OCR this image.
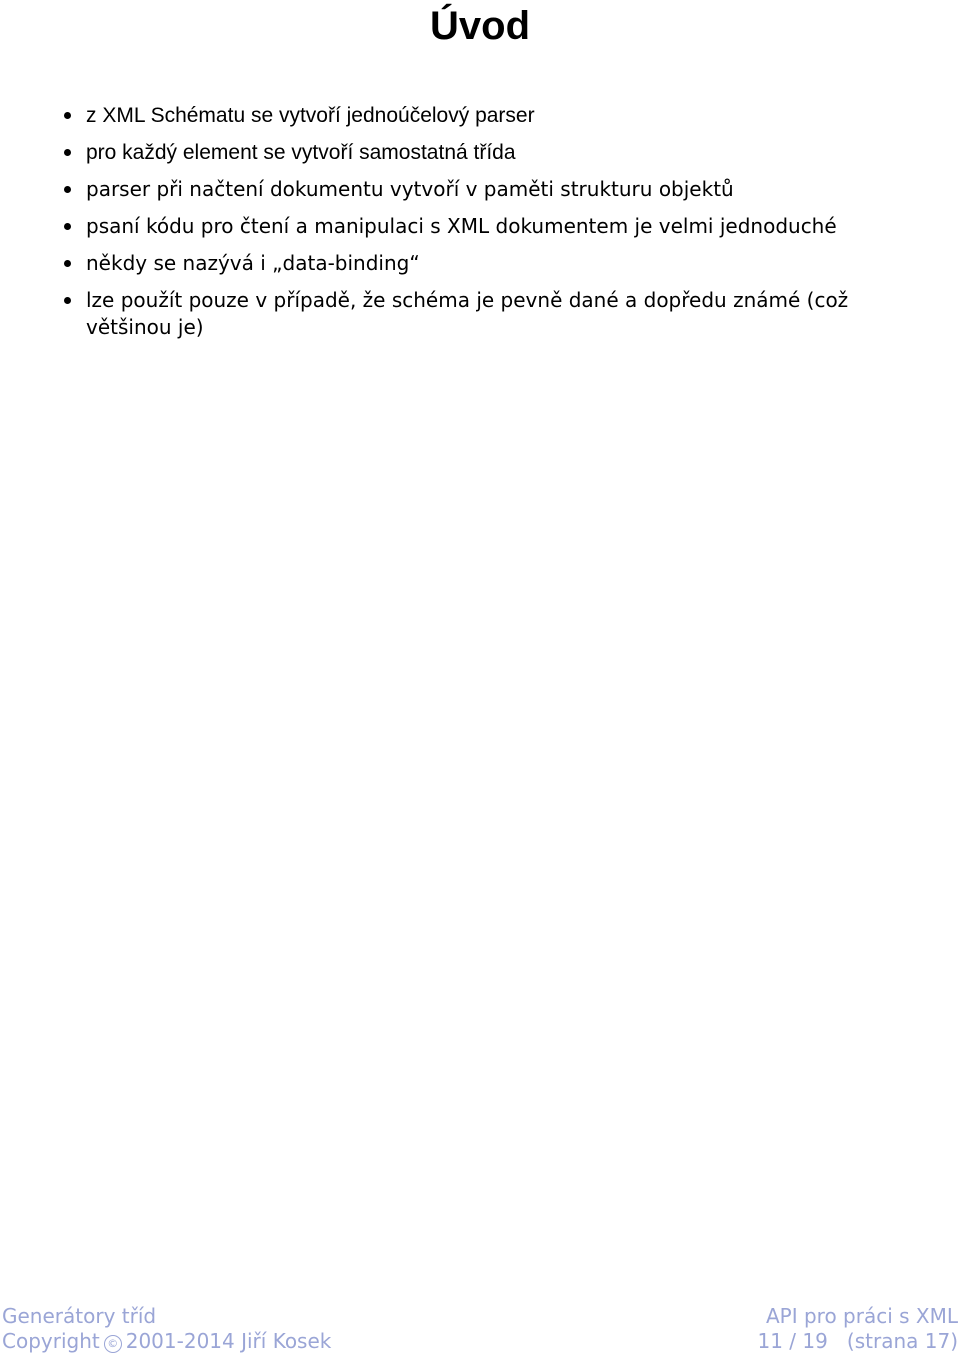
Úvod
z XML Schématu se vytvoří jednoúčelový parser
pro každý element se vytvoří samostatná třída
parser při načtení dokumentu vytvoří v paměti strukturu objektů
psaní kódu pro čtení a manipulaci s XML dokumentem je velmi jednoduché
někdy se nazývá i „data-binding“
lze použít pouze v případě, že schéma je pevně dané a dopředu známé (což většinou je)
Generátory tříd	API pro práci s XML
Copyright © 2001-2014 Jiří Kosek	11 / 19 (strana 17)
